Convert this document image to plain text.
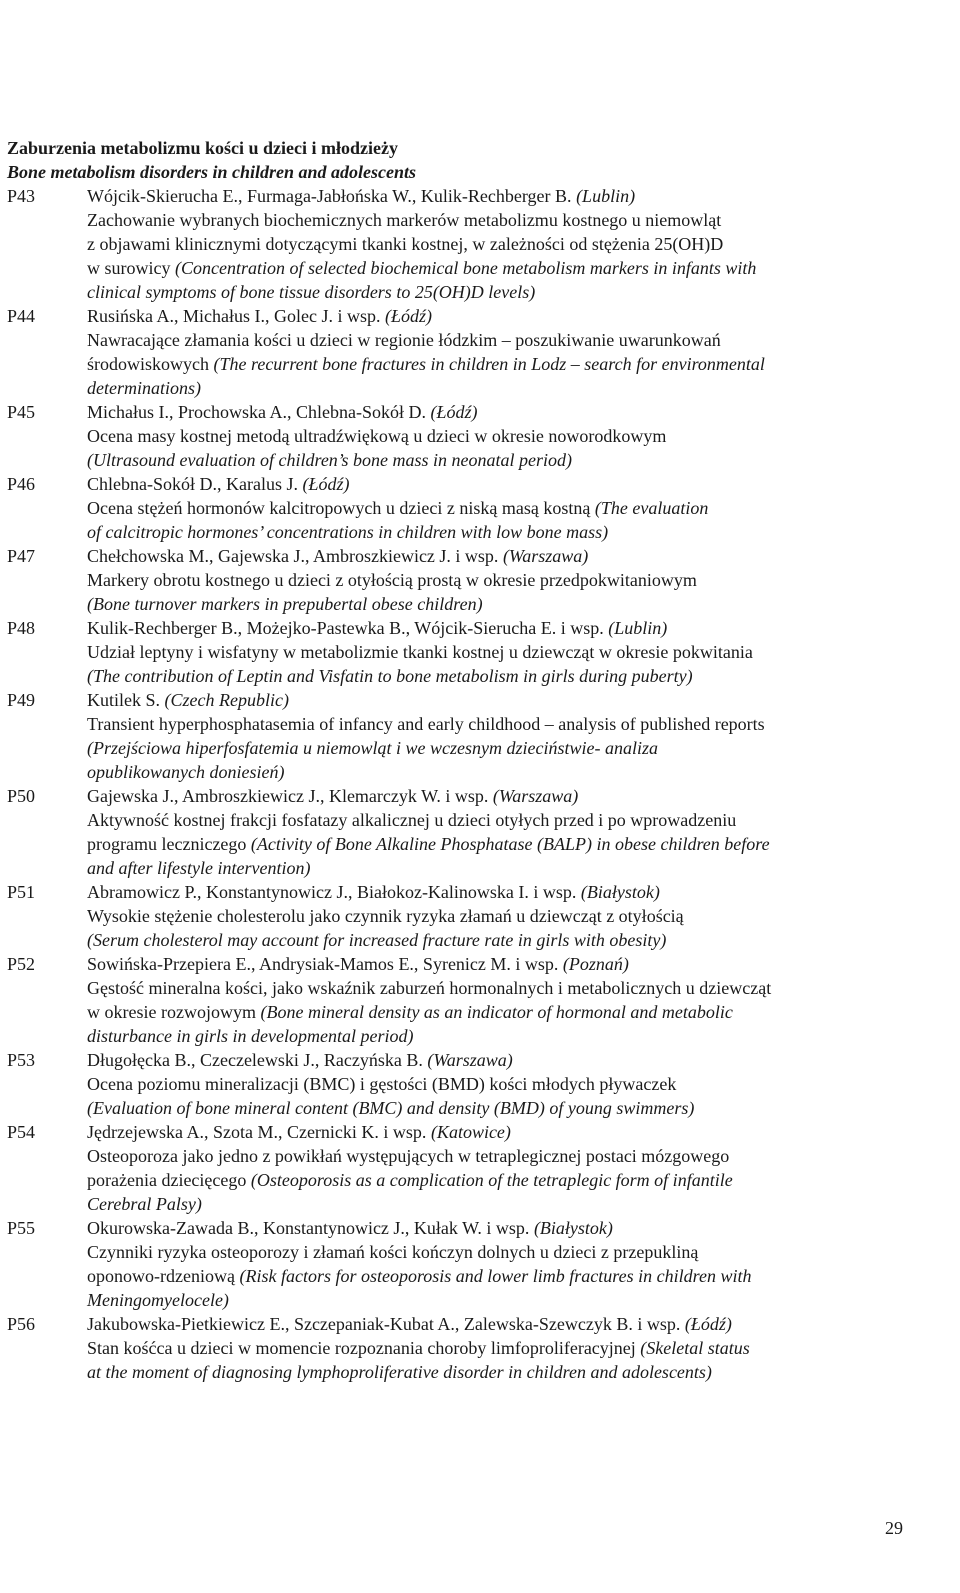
Zaburzenia metabolizmu kości u dzieci i młodzieży
Bone metabolism disorders in children and adolescents
P43	Wójcik-Skierucha E., Furmaga-Jabłońska W., Kulik-Rechberger B. (Lublin)
Zachowanie wybranych biochemicznych markerów metabolizmu kostnego u niemowląt
z objawami klinicznymi dotyczącymi tkanki kostnej, w zależności od stężenia 25(OH)D
w surowicy (Concentration of selected biochemical bone metabolism markers in infants with
clinical symptoms of bone tissue disorders to 25(OH)D levels)
P44	Rusińska A., Michałus I., Golec J. i wsp. (Łódź)
Nawracające złamania kości u dzieci w regionie łódzkim – poszukiwanie uwarunkowań
środowiskowych (The recurrent bone fractures in children in Lodz – search for environmental
determinations)
P45	Michałus I., Prochowska A., Chlebna-Sokół D. (Łódź)
Ocena masy kostnej metodą ultradźwiękową u dzieci w okresie noworodkowym
(Ultrasound evaluation of children’s bone mass in neonatal period)
P46	Chlebna-Sokół D., Karalus J. (Łódź)
Ocena stężeń hormonów kalcitropowych u dzieci z niską masą kostną (The evaluation
of calcitropic hormones’ concentrations in children with low bone mass)
P47	Chełchowska M., Gajewska J., Ambroszkiewicz J. i wsp. (Warszawa)
Markery obrotu kostnego u dzieci z otyłością prostą w okresie przedpokwitaniowym
(Bone turnover markers in prepubertal obese children)
P48	Kulik-Rechberger B., Możejko-Pastewka B., Wójcik-Sierucha E. i wsp. (Lublin)
Udział leptyny i wisfatyny w metabolizmie tkanki kostnej u dziewcząt w okresie pokwitania
(The contribution of Leptin and Visfatin to bone metabolism in girls during puberty)
P49	Kutilek S. (Czech Republic)
Transient hyperphosphatasemia of infancy and early childhood – analysis of published reports
(Przejściowa hiperfosfatemia u niemowląt i we wczesnym dzieciństwie- analiza
opublikowanych doniesień)
P50	Gajewska J., Ambroszkiewicz J., Klemarczyk W. i wsp. (Warszawa)
Aktywność kostnej frakcji fosfatazy alkalicznej u dzieci otyłych przed i po wprowadzeniu
programu leczniczego (Activity of Bone Alkaline Phosphatase (BALP) in obese children before
and after lifestyle intervention)
P51	Abramowicz P., Konstantynowicz J., Białokoz-Kalinowska I. i wsp. (Białystok)
Wysokie stężenie cholesterolu jako czynnik ryzyka złamań u dziewcząt z otyłością
(Serum cholesterol may account for increased fracture rate in girls with obesity)
P52	Sowińska-Przepiera E., Andrysiak-Mamos E., Syrenicz M. i wsp. (Poznań)
Gęstość mineralna kości, jako wskaźnik zaburzeń hormonalnych i metabolicznych u dziewcząt
w okresie rozwojowym (Bone mineral density as an indicator of hormonal and metabolic
disturbance in girls in developmental period)
P53	Długołęcka B., Czeczelewski J., Raczyńska B. (Warszawa)
Ocena poziomu mineralizacji (BMC) i gęstości (BMD) kości młodych pływaczek
(Evaluation of bone mineral content (BMC) and density (BMD) of young swimmers)
P54	Jędrzejewska A., Szota M., Czernicki K. i wsp. (Katowice)
Osteoporoza jako jedno z powikłań występujących w tetraplegicznej postaci mózgowego
porażenia dziecięcego (Osteoporosis as a complication of the tetraplegic form of infantile
Cerebral Palsy)
P55	Okurowska-Zawada B., Konstantynowicz J., Kułak W. i wsp. (Białystok)
Czynniki ryzyka osteoporozy i złamań kości kończyn dolnych u dzieci z przepukliną
oponowo-rdzeniową (Risk factors for osteoporosis and lower limb fractures in children with
Meningomyelocele)
P56	Jakubowska-Pietkiewicz E., Szczepaniak-Kubat A., Zalewska-Szewczyk B. i wsp. (Łódź)
Stan kośćca u dzieci w momencie rozpoznania choroby limfoproliferacyjnej (Skeletal status
at the moment of diagnosing lymphoproliferative disorder in children and adolescents)
29
